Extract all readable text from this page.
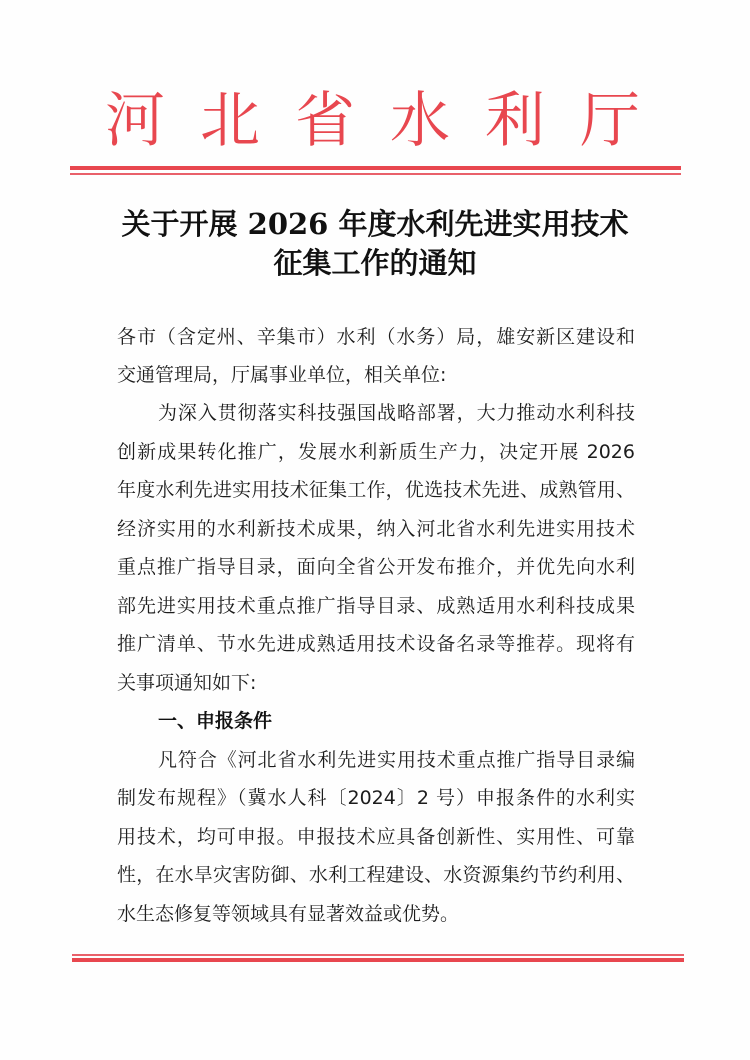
河 北 省 水 利 厅
关于开展 2026 年度水利先进实用技术
征集工作的通知
各市（含定州、辛集市）水利（水务）局，雄安新区建设和
交通管理局，厅属事业单位，相关单位:
为深入贯彻落实科技强国战略部署，大力推动水利科技
创新成果转化推广，发展水利新质生产力，决定开展 2026
年度水利先进实用技术征集工作，优选技术先进、成熟管用、
经济实用的水利新技术成果，纳入河北省水利先进实用技术
重点推广指导目录，面向全省公开发布推介，并优先向水利
部先进实用技术重点推广指导目录、成熟适用水利科技成果
推广清单、节水先进成熟适用技术设备名录等推荐。现将有
关事项通知如下:
一、申报条件
凡符合《河北省水利先进实用技术重点推广指导目录编
制发布规程》（冀水人科〔2024〕2 号）申报条件的水利实
用技术，均可申报。申报技术应具备创新性、实用性、可靠
性，在水旱灾害防御、水利工程建设、水资源集约节约利用、
水生态修复等领域具有显著效益或优势。
